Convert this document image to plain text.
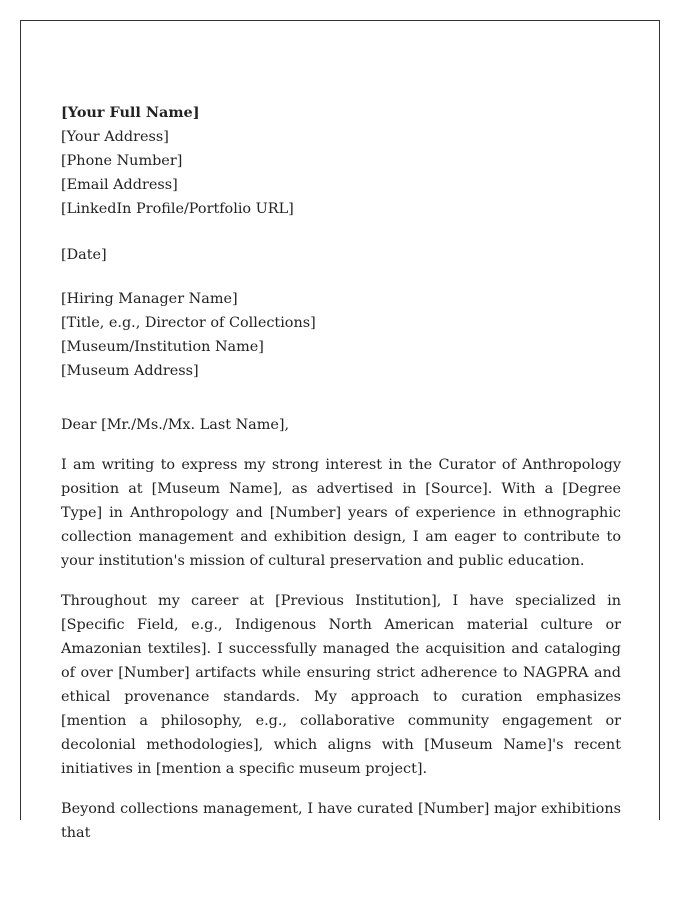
[Your Full Name]
[Your Address]
[Phone Number]
[Email Address]
[LinkedIn Profile/Portfolio URL]
[Date]
[Hiring Manager Name]
[Title, e.g., Director of Collections]
[Museum/Institution Name]
[Museum Address]
Dear [Mr./Ms./Mx. Last Name],

I am writing to express my strong interest in the Curator of Anthropology position at [Museum Name], as advertised in [Source]. With a [Degree Type] in Anthropology and [Number] years of experience in ethnographic collection management and exhibition design, I am eager to contribute to your institution's mission of cultural preservation and public education.

Throughout my career at [Previous Institution], I have specialized in [Specific Field, e.g., Indigenous North American material culture or Amazonian textiles]. I successfully managed the acquisition and cataloging of over [Number] artifacts while ensuring strict adherence to NAGPRA and ethical provenance standards. My approach to curation emphasizes [mention a philosophy, e.g., collaborative community engagement or decolonial methodologies], which aligns with [Museum Name]'s recent initiatives in [mention a specific museum project].

Beyond collections management, I have curated [Number] major exhibitions that
